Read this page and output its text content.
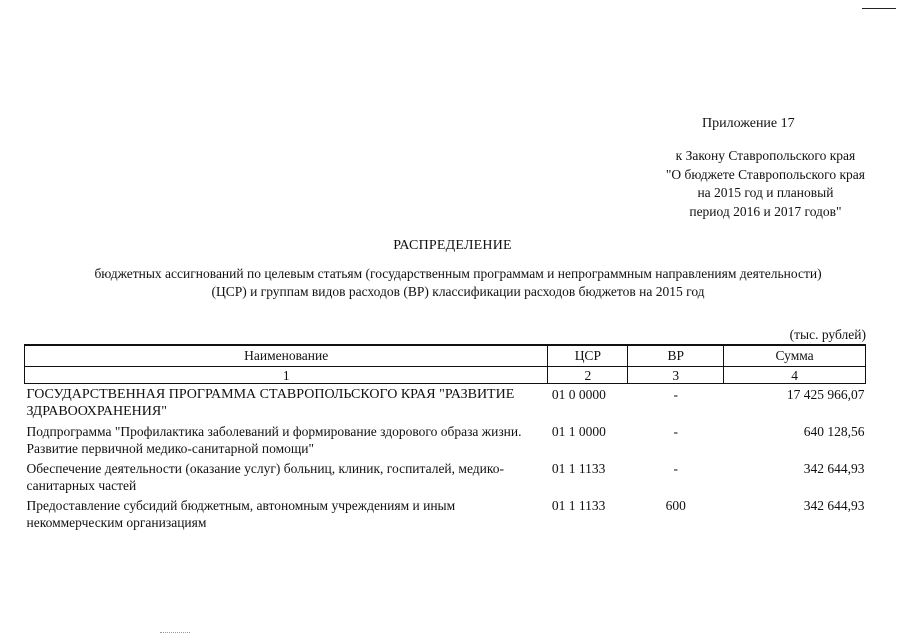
Приложение 17
к Закону Ставропольского края
"О бюджете Ставропольского края
на 2015 год и плановый
период 2016 и 2017 годов"
РАСПРЕДЕЛЕНИЕ
бюджетных ассигнований по целевым статьям (государственным программам и непрограммным направлениям деятельности)
(ЦСР) и группам видов расходов (ВР) классификации расходов бюджетов на 2015 год
(тыс. рублей)
Наименование	ЦСР	ВР	Сумма
1	2	3	4
ГОСУДАРСТВЕННАЯ ПРОГРАММА СТАВРОПОЛЬСКОГО КРАЯ "РАЗВИТИЕ ЗДРАВООХРАНЕНИЯ"	01 0 0000	-	17 425 966,07
Подпрограмма "Профилактика заболеваний и формирование здорового образа жизни. Развитие первичной медико-санитарной помощи"	01 1 0000	-	640 128,56
Обеспечение деятельности (оказание услуг) больниц, клиник, госпиталей, медико-санитарных частей	01 1 1133	-	342 644,93
Предоставление субсидий бюджетным, автономным учреждениям и иным некоммерческим организациям	01 1 1133	600	342 644,93
